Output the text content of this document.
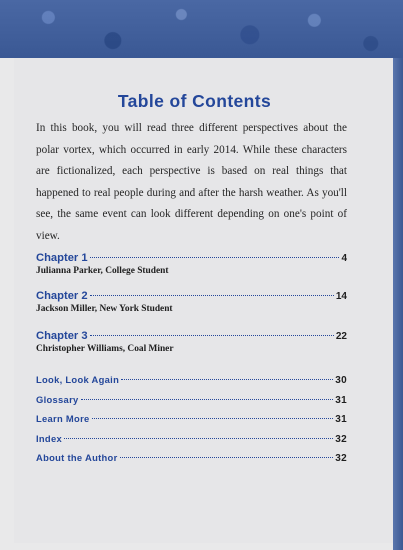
Table of Contents

In this book, you will read three different perspectives about the polar vortex, which occurred in early 2014. While these characters are fictionalized, each perspective is based on real things that happened to real people during and after the harsh weather. As you'll see, the same event can look different depending on one's point of view.

Chapter 1	4
Julianna Parker, College Student
Chapter 2	14
Jackson Miller, New York Student
Chapter 3	22
Christopher Williams, Coal Miner
Look, Look Again	30
Glossary	31
Learn More	31
Index	32
About the Author	32
